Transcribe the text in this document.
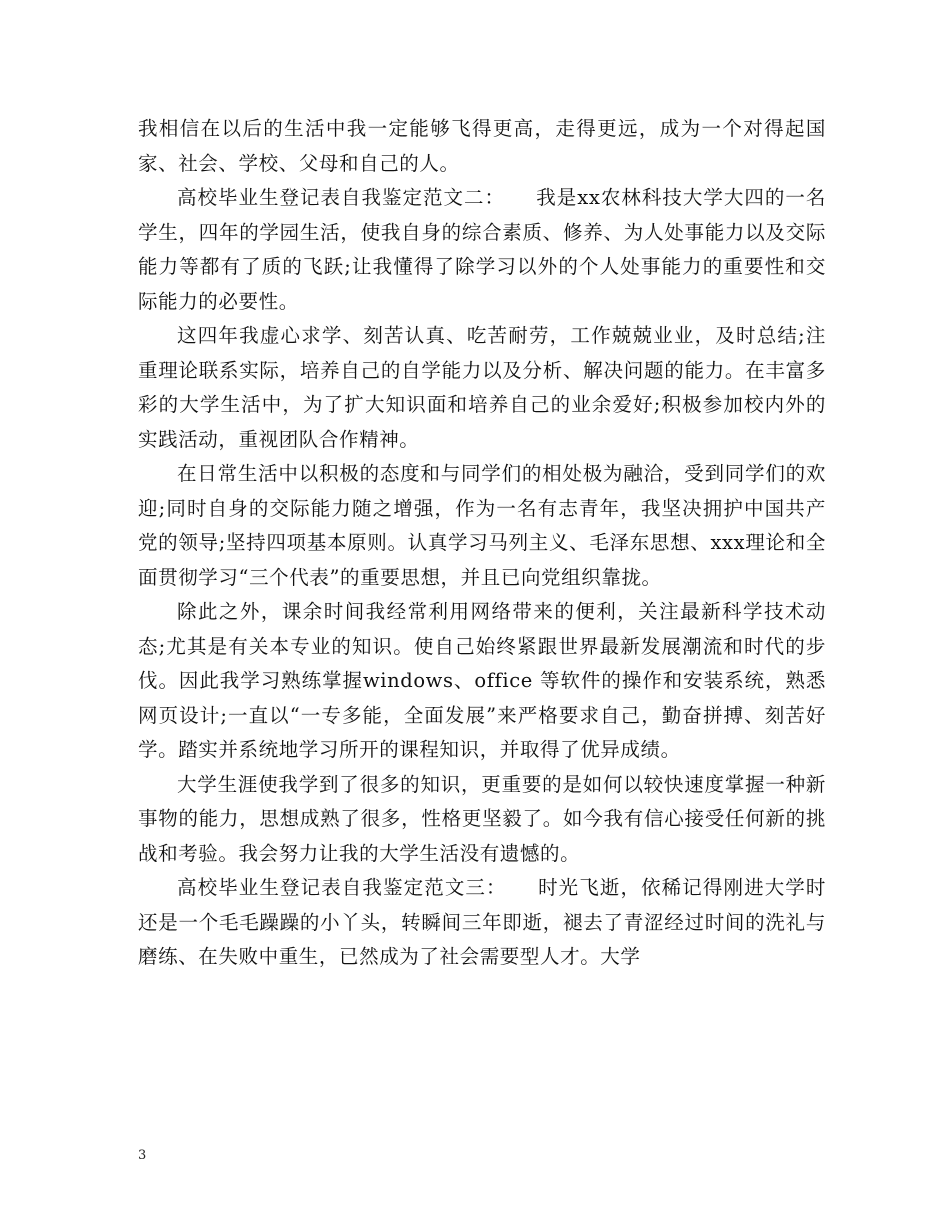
我相信在以后的生活中我一定能够飞得更高，走得更远，成为一个对得起国家、社会、学校、父母和自己的人。

高校毕业生登记表自我鉴定范文二：　　我是xx农林科技大学大四的一名学生，四年的学园生活，使我自身的综合素质、修养、为人处事能力以及交际能力等都有了质的飞跃;让我懂得了除学习以外的个人处事能力的重要性和交际能力的必要性。

这四年我虚心求学、刻苦认真、吃苦耐劳，工作兢兢业业，及时总结;注重理论联系实际，培养自己的自学能力以及分析、解决问题的能力。在丰富多彩的大学生活中，为了扩大知识面和培养自己的业余爱好;积极参加校内外的实践活动，重视团队合作精神。

在日常生活中以积极的态度和与同学们的相处极为融洽，受到同学们的欢迎;同时自身的交际能力随之增强，作为一名有志青年，我坚决拥护中国共产党的领导;坚持四项基本原则。认真学习马列主义、毛泽东思想、xxx理论和全面贯彻学习“三个代表”的重要思想，并且已向党组织靠拢。

除此之外，课余时间我经常利用网络带来的便利，关注最新科学技术动态;尤其是有关本专业的知识。使自己始终紧跟世界最新发展潮流和时代的步伐。因此我学习熟练掌握windows、office 等软件的操作和安装系统，熟悉网页设计;一直以“一专多能，全面发展”来严格要求自己，勤奋拼搏、刻苦好学。踏实并系统地学习所开的课程知识，并取得了优异成绩。

大学生涯使我学到了很多的知识，更重要的是如何以较快速度掌握一种新事物的能力，思想成熟了很多，性格更坚毅了。如今我有信心接受任何新的挑战和考验。我会努力让我的大学生活没有遗憾的。

高校毕业生登记表自我鉴定范文三：　　时光飞逝，依稀记得刚进大学时还是一个毛毛躁躁的小丫头，转瞬间三年即逝，褪去了青涩经过时间的洗礼与磨练、在失败中重生，已然成为了社会需要型人才。大学

3
